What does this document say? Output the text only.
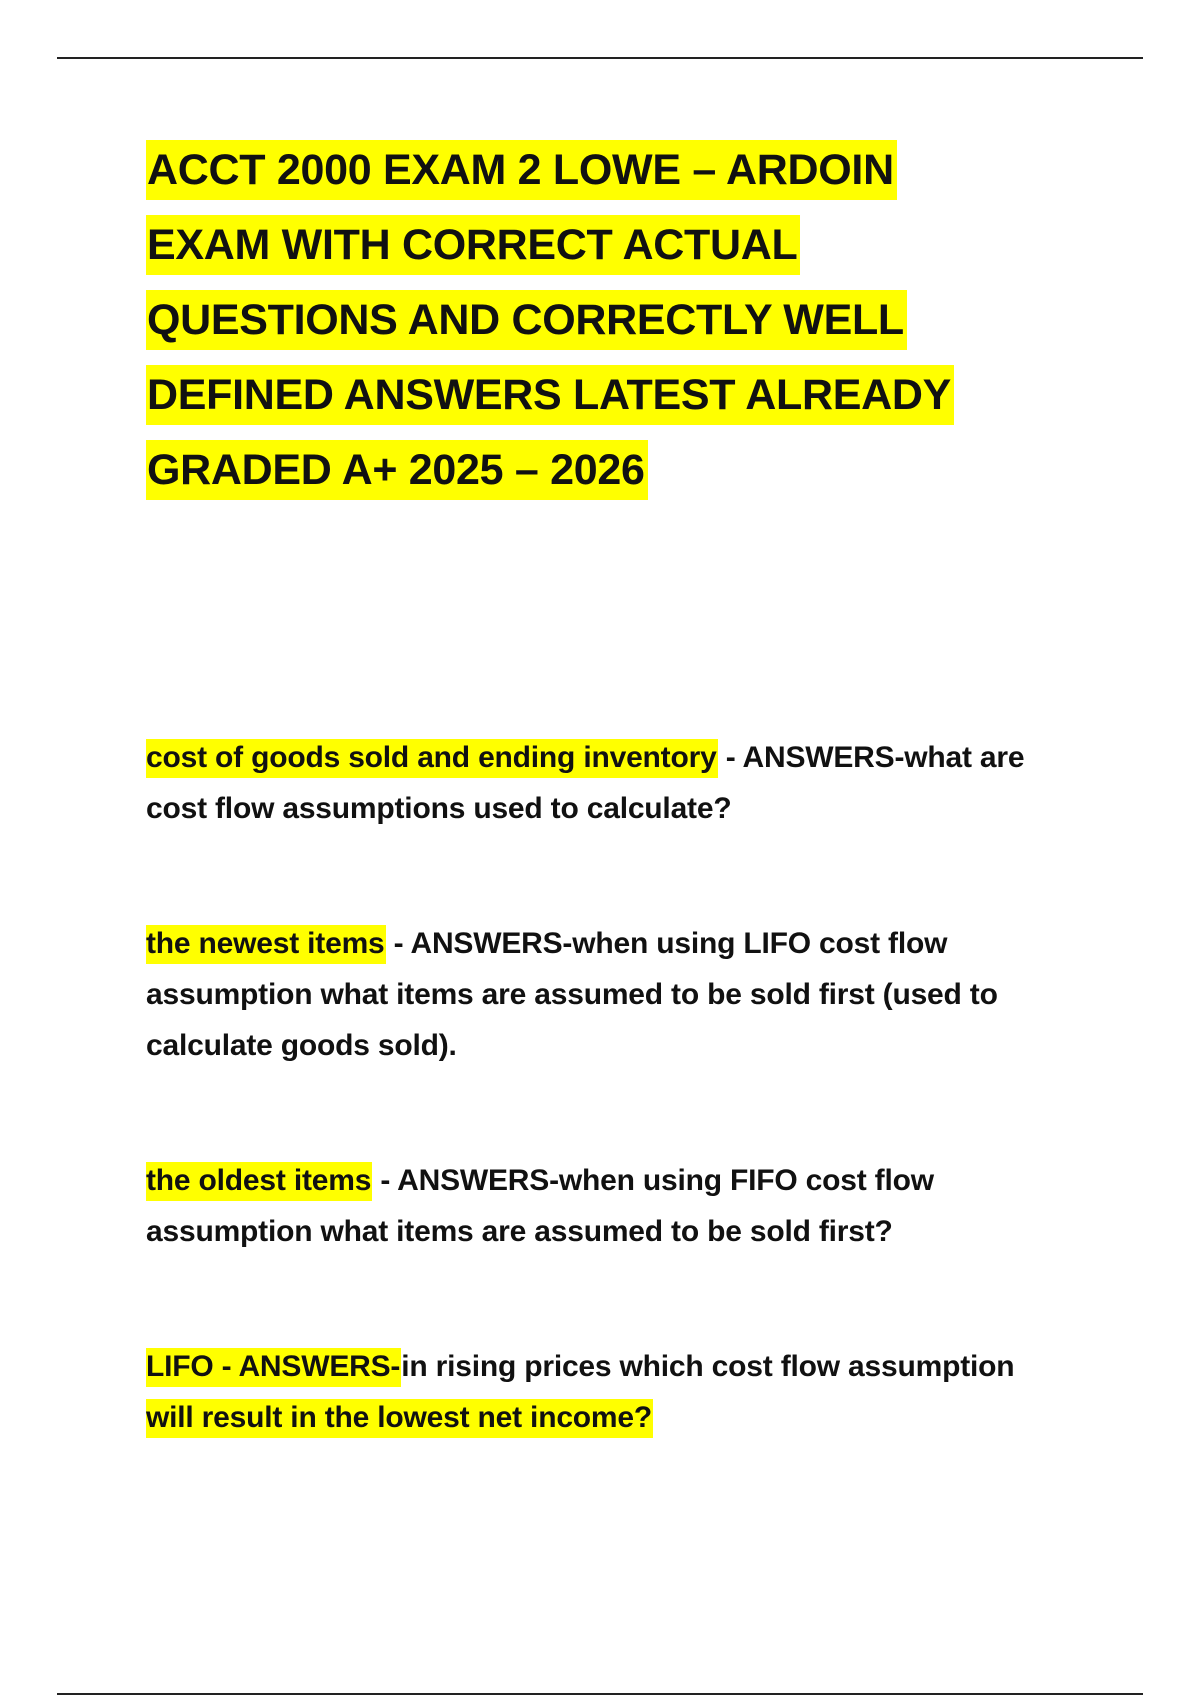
ACCT 2000 EXAM 2 LOWE – ARDOIN
EXAM WITH CORRECT ACTUAL
QUESTIONS AND CORRECTLY WELL
DEFINED ANSWERS LATEST ALREADY
GRADED A+ 2025 – 2026
cost of goods sold and ending inventory - ANSWERS-what are cost flow assumptions used to calculate?
the newest items - ANSWERS-when using LIFO cost flow assumption what items are assumed to be sold first (used to calculate goods sold).
the oldest items - ANSWERS-when using FIFO cost flow assumption what items are assumed to be sold first?
LIFO - ANSWERS-in rising prices which cost flow assumption
will result in the lowest net income?
